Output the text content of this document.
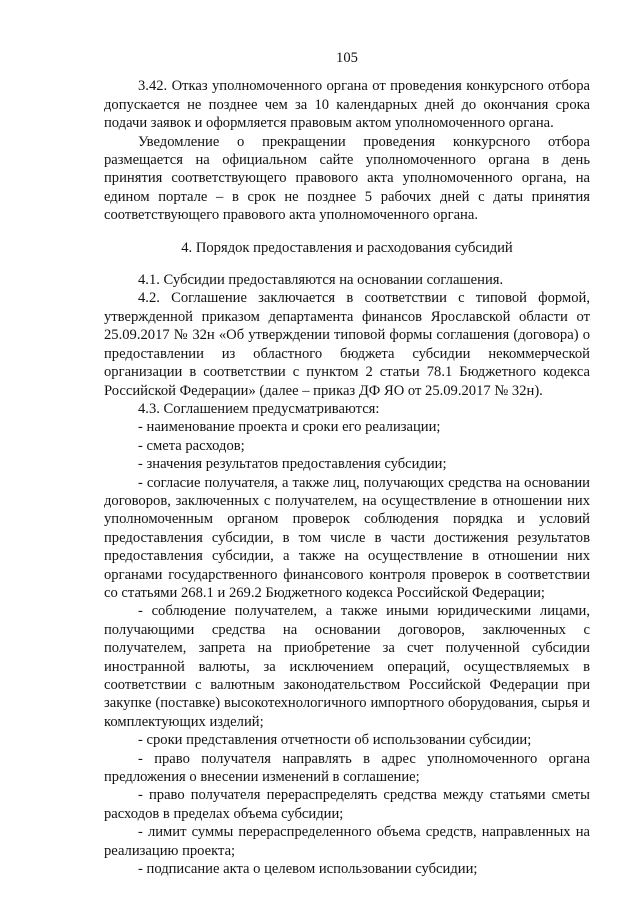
105

3.42. Отказ уполномоченного органа от проведения конкурсного отбора допускается не позднее чем за 10 календарных дней до окончания срока подачи заявок и оформляется правовым актом уполномоченного органа.

Уведомление о прекращении проведения конкурсного отбора размещается на официальном сайте уполномоченного органа в день принятия соответствующего правового акта уполномоченного органа, на едином портале – в срок не позднее 5 рабочих дней с даты принятия соответствующего правового акта уполномоченного органа.

4. Порядок предоставления и расходования субсидий

4.1. Субсидии предоставляются на основании соглашения.

4.2. Соглашение заключается в соответствии с типовой формой, утвержденной приказом департамента финансов Ярославской области от 25.09.2017 № 32н «Об утверждении типовой формы соглашения (договора) о предоставлении из областного бюджета субсидии некоммерческой организации в соответствии с пунктом 2 статьи 78.1 Бюджетного кодекса Российской Федерации» (далее – приказ ДФ ЯО от 25.09.2017 № 32н).

4.3. Соглашением предусматриваются:

- наименование проекта и сроки его реализации;

- смета расходов;

- значения результатов предоставления субсидии;

- согласие получателя, а также лиц, получающих средства на основании договоров, заключенных с получателем, на осуществление в отношении них уполномоченным органом проверок соблюдения порядка и условий предоставления субсидии, в том числе в части достижения результатов предоставления субсидии, а также на осуществление в отношении них органами государственного финансового контроля проверок в соответствии со статьями 268.1 и 269.2 Бюджетного кодекса Российской Федерации;

- соблюдение получателем, а также иными юридическими лицами, получающими средства на основании договоров, заключенных с получателем, запрета на приобретение за счет полученной субсидии иностранной валюты, за исключением операций, осуществляемых в соответствии с валютным законодательством Российской Федерации при закупке (поставке) высокотехнологичного импортного оборудования, сырья и комплектующих изделий;

- сроки представления отчетности об использовании субсидии;

- право получателя направлять в адрес уполномоченного органа предложения о внесении изменений в соглашение;

- право получателя перераспределять средства между статьями сметы расходов в пределах объема субсидии;

- лимит суммы перераспределенного объема средств, направленных на реализацию проекта;

- подписание акта о целевом использовании субсидии;
